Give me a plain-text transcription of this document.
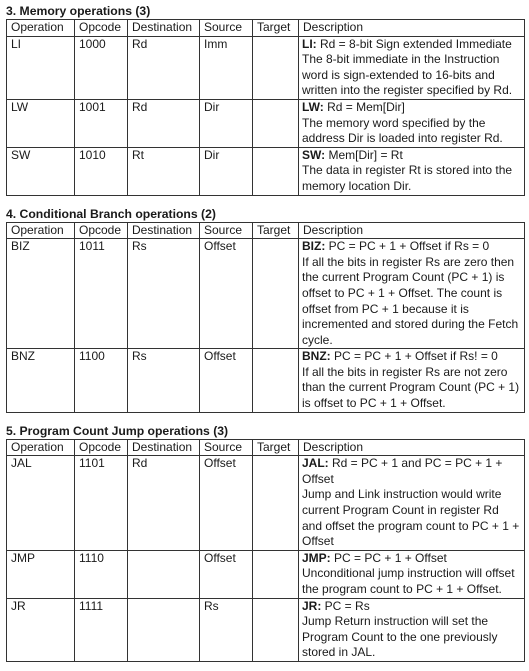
3. Memory operations (3)
Operation	Opcode	Destination	Source	Target	Description
LI	1000	Rd	Imm		LI: Rd = 8-bit Sign extended Immediate
The 8-bit immediate in the Instruction word is sign-extended to 16-bits and written into the register specified by Rd.

LW	1001	Rd	Dir		LW: Rd = Mem[Dir]
The memory word specified by the address Dir is loaded into register Rd.

SW	1010	Rt	Dir		SW: Mem[Dir] = Rt
The data in register Rt is stored into the memory location Dir.
4. Conditional Branch operations (2)
Operation	Opcode	Destination	Source	Target	Description
BIZ	1011	Rs	Offset		BIZ: PC = PC + 1 + Offset if Rs = 0
If all the bits in register Rs are zero then the current Program Count (PC + 1) is offset to PC + 1 + Offset. The count is offset from PC + 1 because it is incremented and stored during the Fetch cycle.

BNZ	1100	Rs	Offset		BNZ: PC = PC + 1 + Offset if Rs! = 0
If all the bits in register Rs are not zero than the current Program Count (PC + 1) is offset to PC + 1 + Offset.
5. Program Count Jump operations (3)
Operation	Opcode	Destination	Source	Target	Description
JAL	1101	Rd	Offset		JAL: Rd = PC + 1 and PC = PC + 1 + Offset
Jump and Link instruction would write current Program Count in register Rd and offset the program count to PC + 1 + Offset

JMP	1110		Offset		JMP: PC = PC + 1 + Offset
Unconditional jump instruction will offset the program count to PC + 1 + Offset.

JR	1111		Rs		JR: PC = Rs
Jump Return instruction will set the Program Count to the one previously stored in JAL.
